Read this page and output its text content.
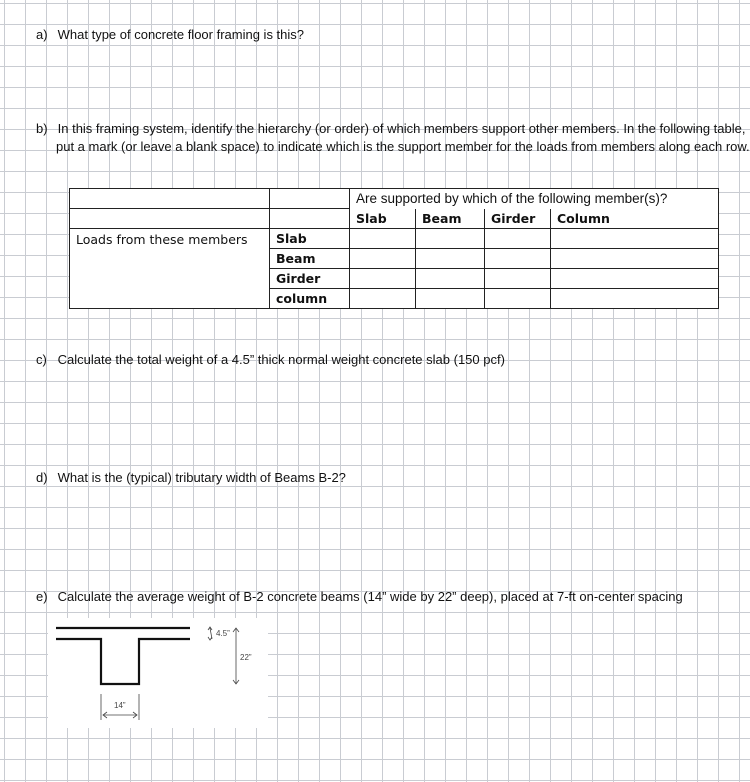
a) What type of concrete floor framing is this?
b) In this framing system, identify the hierarchy (or order) of which members support other members. In the following table,
put a mark (or leave a blank space) to indicate which is the support member for the loads from members along each row.
		Are supported by which of the following member(s)?			
		Slab	Beam	Girder	Column
Loads from these members	Slab				
	Beam				
	Girder				
	column				
c) Calculate the total weight of a 4.5” thick normal weight concrete slab (150 pcf)
d) What is the (typical) tributary width of Beams B-2?
e) Calculate the average weight of B-2 concrete beams (14” wide by 22” deep), placed at 7-ft on-center spacing
4.5”
22”
14”
